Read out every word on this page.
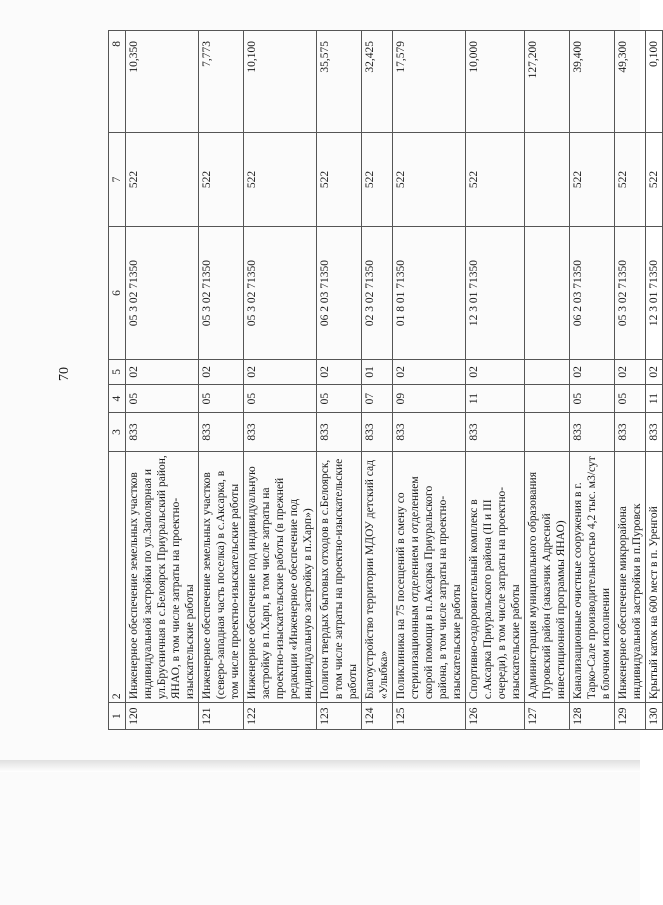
70
1	2	3	4	5	6	7	8
120	Инженерное обеспечение земельных участков индивидуальной застройки по ул.Заполярная и ул.Брусничная в с.Белоярск Приуральский район, ЯНАО, в том числе затраты на проектно-изыскательские работы	833	05	02	05 3 02 71350	522	10,350
121	Инженерное обеспечение земельных участков (северо-западная часть поселка) в с.Аксарка, в том числе проектно-изыскательские работы	833	05	02	05 3 02 71350	522	7,773
122	Инженерное обеспечение под индивидуальную застройку в п.Харп, в том числе затраты на проектно-изыскательские работы (в прежней редакции «Инженерное обеспечение под индивидуальную застройку в п.Харп»)	833	05	02	05 3 02 71350	522	10,100
123	Полигон твердых бытовых отходов в с.Белоярск, в том числе затраты на проектно-изыскательские работы	833	05	02	06 2 03 71350	522	35,575
124	Благоустройство территории МДОУ детский сад «Улыбка»	833	07	01	02 3 02 71350	522	32,425
125	Поликлиника на 75 посещений в смену со стерилизационным отделением и отделением скорой помощи в п.Аксарка Приуральского района, в том числе затраты на проектно-изыскательские работы	833	09	02	01 8 01 71350	522	17,579
126	Спортивно-оздоровительный комплекс в с.Аксарка Приуральского района (II и III очереди), в том числе затраты на проектно-изыскательские работы	833	11	02	12 3 01 71350	522	10,000
127	Администрация муниципального образования Пуровский район (заказчик Адресной инвестиционной программы ЯНАО)						127,200
128	Канализационные очистные сооружения в г. Тарко-Сале производительностью 4,2 тыс. м3/сут в блочном исполнении	833	05	02	06 2 03 71350	522	39,400
129	Инженерное обеспечение микрорайона индивидуальной застройки в п.Пуровск	833	05	02	05 3 02 71350	522	49,300
130	Крытый каток на 600 мест в п. Уренгой	833	11	02	12 3 01 71350	522	0,100
